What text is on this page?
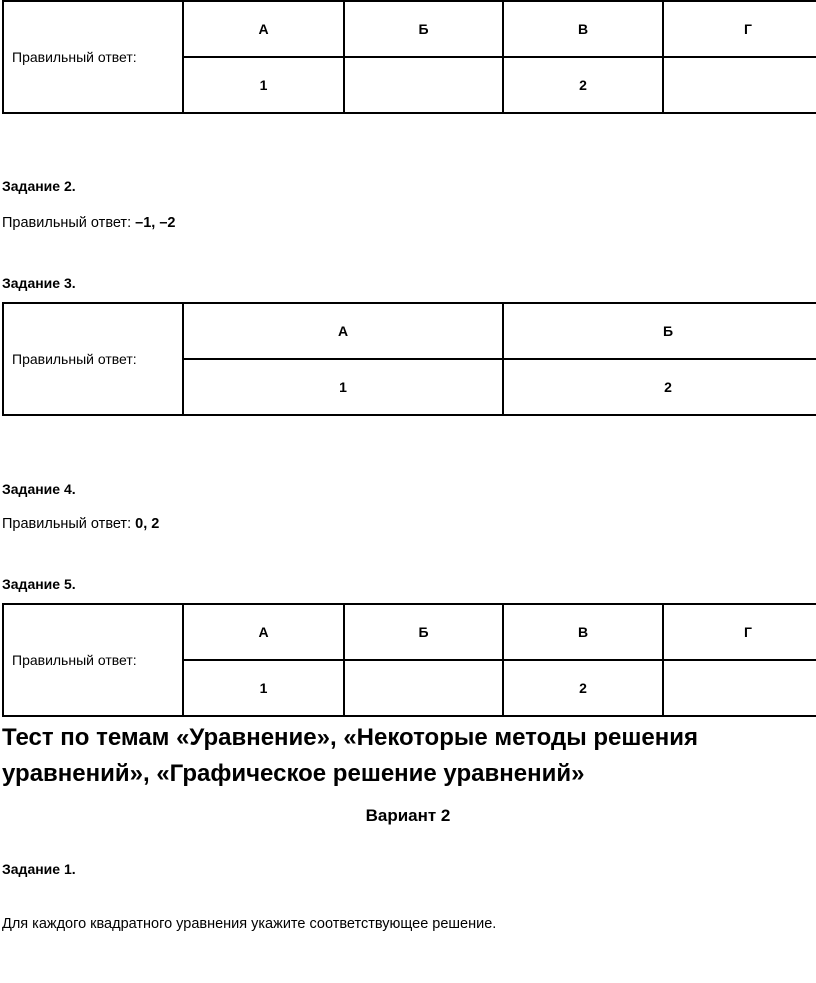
Правильный ответ:	А	Б	В	Г
	1		2	
Задание 2.
Правильный ответ: –1, –2
Задание 3.
Правильный ответ:	А	Б
	1	2
Задание 4.
Правильный ответ: 0, 2
Задание 5.
Правильный ответ:	А	Б	В	Г
	1		2	
Тест по темам «Уравнение», «Некоторые методы решения уравнений», «Графическое решение уравнений»
Вариант 2
Задание 1.
Для каждого квадратного уравнения укажите соответствующее решение.
